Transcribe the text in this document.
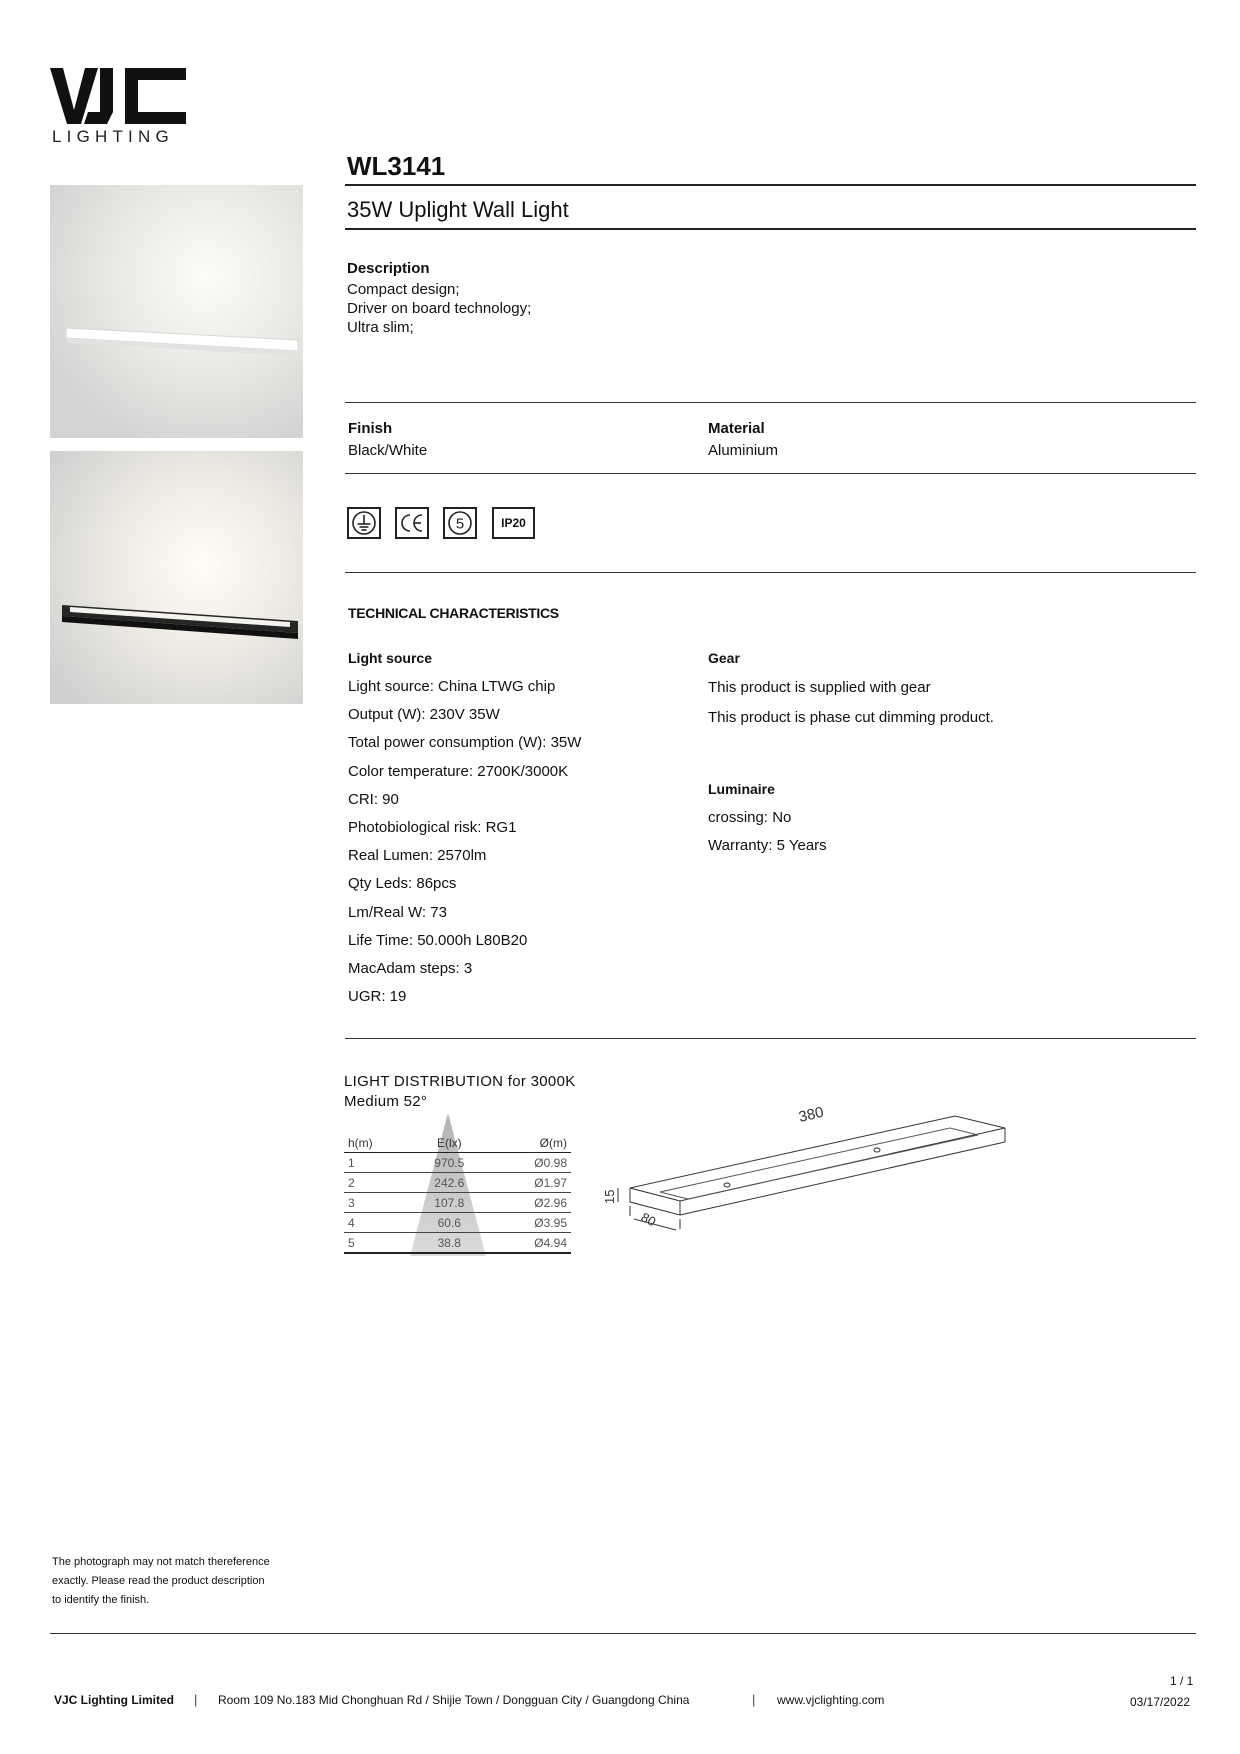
LIGHTING
WL3141
35W Uplight Wall Light
Description
Compact design;
Driver on board technology;
Ultra slim;
Finish
Black/White
Material
Aluminium
5	IP20
TECHNICAL CHARACTERISTICS
Light source
Light source: China LTWG chip
Output (W): 230V 35W
Total power consumption (W): 35W
Color temperature: 2700K/3000K
CRI: 90
Photobiological risk: RG1
Real Lumen: 2570lm
Qty Leds: 86pcs
Lm/Real W: 73
Life Time: 50.000h L80B20
MacAdam steps: 3
UGR: 19
Gear
This product is supplied with gear
This product is phase cut dimming product.
Luminaire
crossing: No
Warranty: 5 Years
LIGHT DISTRIBUTION for 3000K
Medium 52°
h(m)	E(lx)	Ø(m)
1	970.5	Ø0.98
2	242.6	Ø1.97
3	107.8	Ø2.96
4	60.6	Ø3.95
5	38.8	Ø4.94
380
15
80
The photograph may not match thereference
exactly. Please read the product description
to identify the finish.
VJC Lighting Limited | Room 109 No.183 Mid Chonghuan Rd / Shijie Town / Dongguan City / Guangdong China	| www.vjclighting.com
1 / 1
03/17/2022
